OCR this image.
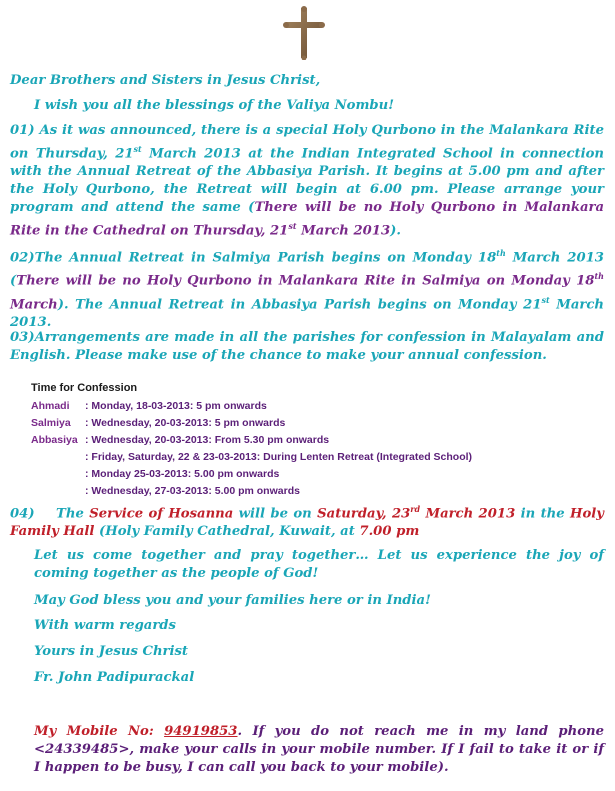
Dear Brothers and Sisters in Jesus Christ,
I wish you all the blessings of the Valiya Nombu!
01) As it was announced, there is a special Holy Qurbono in the Malankara Rite on Thursday, 21st March 2013 at the Indian Integrated School in connection with the Annual Retreat of the Abbasiya Parish. It begins at 5.00 pm and after the Holy Qurbono, the Retreat will begin at 6.00 pm. Please arrange your program and attend the same (There will be no Holy Qurbono in Malankara Rite in the Cathedral on Thursday, 21st March 2013).
02)The Annual Retreat in Salmiya Parish begins on Monday 18th March 2013 (There will be no Holy Qurbono in Malankara Rite in Salmiya on Monday 18th March). The Annual Retreat in Abbasiya Parish begins on Monday 21st March 2013.
03)Arrangements are made in all the parishes for confession in Malayalam and English. Please make use of the chance to make your annual confession.
Time for Confession
Ahmadi : Monday, 18-03-2013: 5 pm onwards
Salmiya : Wednesday, 20-03-2013: 5 pm onwards
Abbasiya : Wednesday, 20-03-2013: From 5.30 pm onwards
: Friday, Saturday, 22 & 23-03-2013: During Lenten Retreat (Integrated School)
: Monday 25-03-2013: 5.00 pm onwards
: Wednesday, 27-03-2013: 5.00 pm onwards
04) The Service of Hosanna will be on Saturday, 23rd March 2013 in the Holy Family Hall (Holy Family Cathedral, Kuwait, at 7.00 pm
Let us come together and pray together… Let us experience the joy of coming together as the people of God!
May God bless you and your families here or in India!
With warm regards
Yours in Jesus Christ
Fr. John Padipurackal
My Mobile No: 94919853. If you do not reach me in my land phone <24339485>, make your calls in your mobile number. If I fail to take it or if I happen to be busy, I can call you back to your mobile).
